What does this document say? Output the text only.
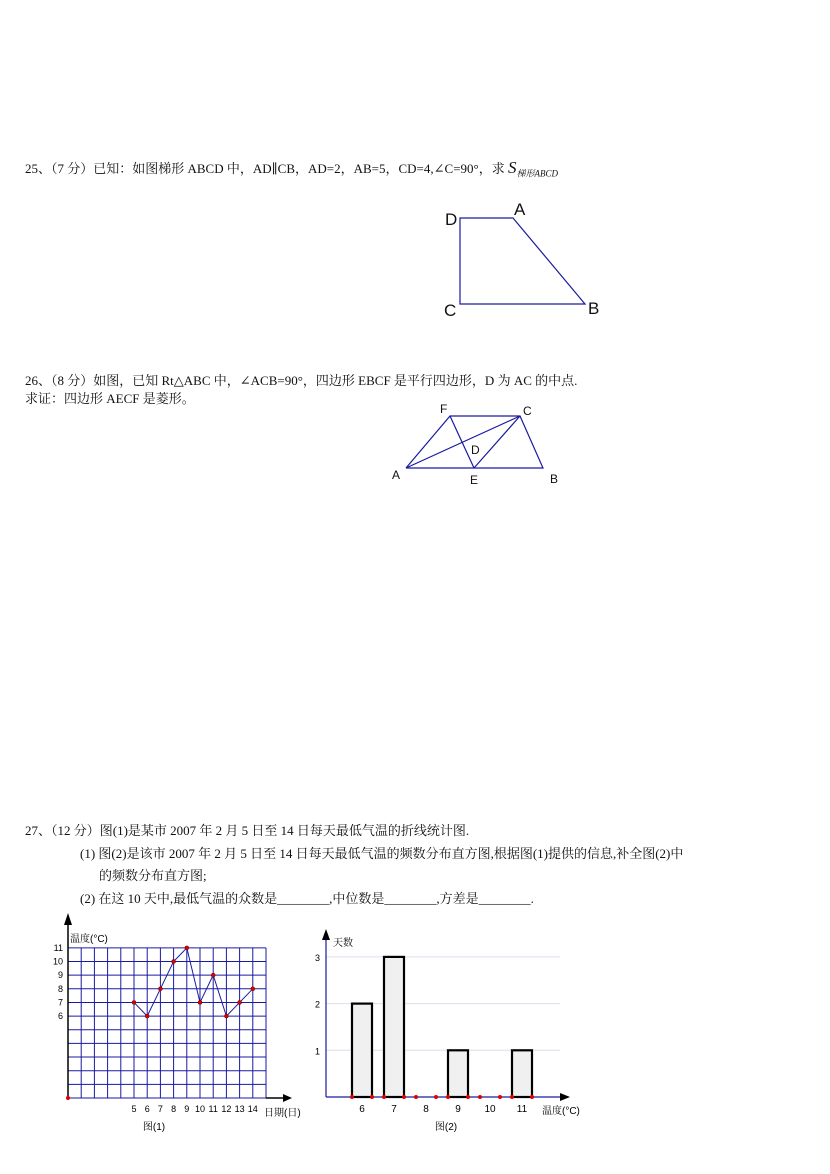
25、（7 分）已知：如图梯形 ABCD 中，AD∥CB，AD=2，AB=5，CD=4,∠C=90°，求 $S_{梯形ABCD}$
D
A
C	B
F	C
D
A	E	B
5 6 7 8 9 10 11 12 13 14
6
7
8
9
10
11
温度(°C)
日期(日)
图(1)
1
2
3
6	7	8	9 10 11
天数
温度(°C)
图(2)
26、（8 分）如图，已知 Rt△ABC 中，∠ACB=90°，四边形 EBCF 是平行四边形，D 为 AC 的中点.
求证：四边形 AECF 是菱形。
27、（12 分）图(1)是某市 2007 年 2 月 5 日至 14 日每天最低气温的折线统计图.
(1) 图(2)是该市 2007 年 2 月 5 日至 14 日每天最低气温的频数分布直方图,根据图(1)提供的信息,补全图(2)中
的频数分布直方图;
(2) 在这 10 天中,最低气温的众数是________,中位数是________,方差是________.
